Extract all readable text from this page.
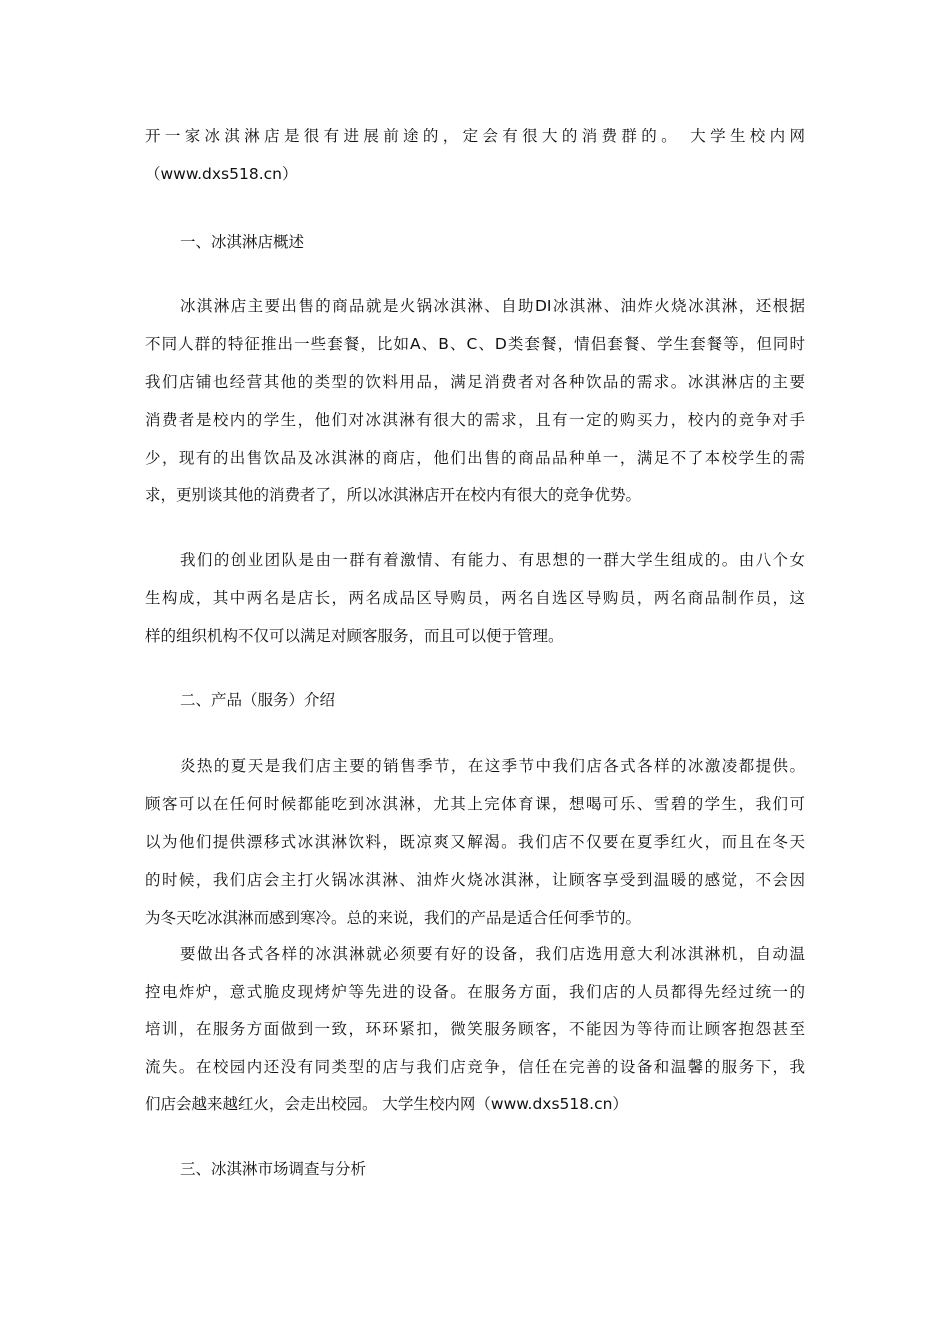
开一家冰淇淋店是很有进展前途的，定会有很大的消费群的。 大学生校内网
（www.dxs518.cn）
一、冰淇淋店概述
冰淇淋店主要出售的商品就是火锅冰淇淋、自助DI冰淇淋、油炸火烧冰淇淋，还根据
不同人群的特征推出一些套餐，比如A、B、C、D类套餐，情侣套餐、学生套餐等，但同时
我们店铺也经营其他的类型的饮料用品，满足消费者对各种饮品的需求。冰淇淋店的主要
消费者是校内的学生，他们对冰淇淋有很大的需求，且有一定的购买力，校内的竞争对手
少，现有的出售饮品及冰淇淋的商店，他们出售的商品品种单一，满足不了本校学生的需
求，更别谈其他的消费者了，所以冰淇淋店开在校内有很大的竞争优势。
我们的创业团队是由一群有着激情、有能力、有思想的一群大学生组成的。由八个女
生构成，其中两名是店长，两名成品区导购员，两名自选区导购员，两名商品制作员，这
样的组织机构不仅可以满足对顾客服务，而且可以便于管理。
二、产品（服务）介绍
炎热的夏天是我们店主要的销售季节，在这季节中我们店各式各样的冰激凌都提供。
顾客可以在任何时候都能吃到冰淇淋，尤其上完体育课，想喝可乐、雪碧的学生，我们可
以为他们提供漂移式冰淇淋饮料，既凉爽又解渴。我们店不仅要在夏季红火，而且在冬天
的时候，我们店会主打火锅冰淇淋、油炸火烧冰淇淋，让顾客享受到温暖的感觉，不会因
为冬天吃冰淇淋而感到寒冷。总的来说，我们的产品是适合任何季节的。
要做出各式各样的冰淇淋就必须要有好的设备，我们店选用意大利冰淇淋机，自动温
控电炸炉，意式脆皮现烤炉等先进的设备。在服务方面，我们店的人员都得先经过统一的
培训，在服务方面做到一致，环环紧扣，微笑服务顾客，不能因为等待而让顾客抱怨甚至
流失。在校园内还没有同类型的店与我们店竞争，信任在完善的设备和温馨的服务下，我
们店会越来越红火，会走出校园。 大学生校内网（www.dxs518.cn）
三、冰淇淋市场调查与分析
